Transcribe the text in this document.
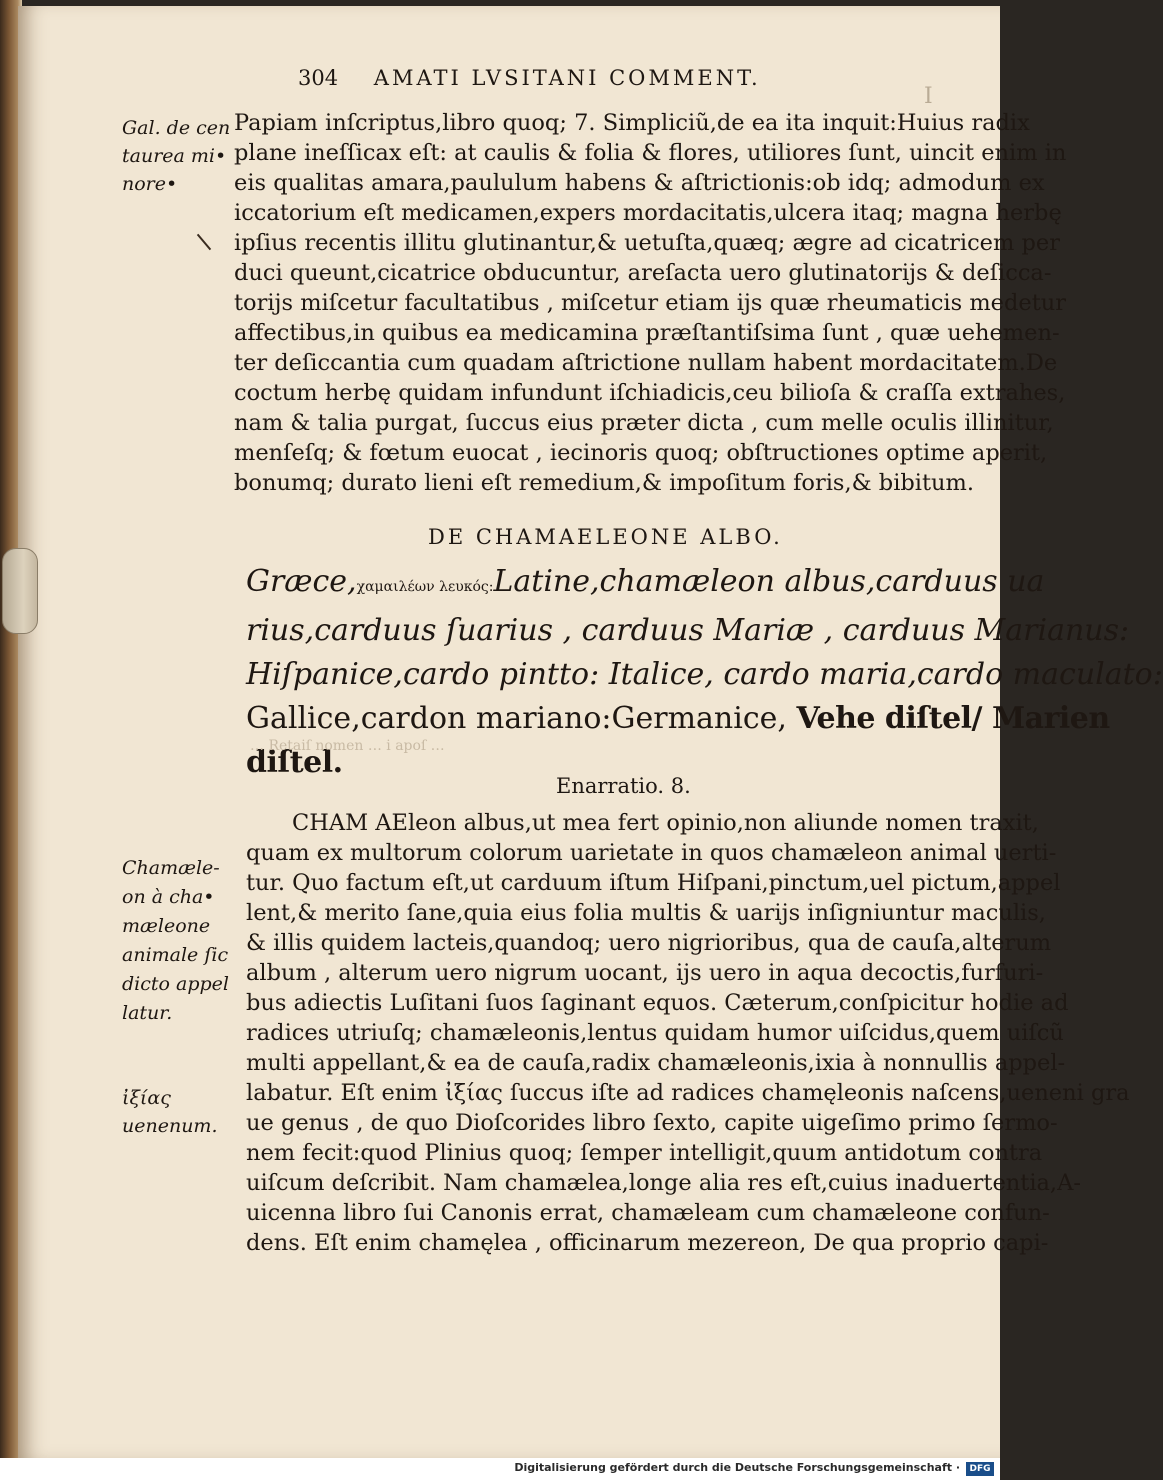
304 AMATI LVSITANI COMMENT.
I
Gal. de cen
taurea mi•
nore•
Papiam inſcriptus,libro quoq; 7. Simpliciũ,de ea ita inquit:Huius radix
plane ineſſicax eſt: at caulis & folia & flores, utiliores ſunt, uincit enim in
eis qualitas amara,paululum habens & aſtrictionis:ob idq; admodum ex
iccatorium eſt medicamen,expers mordacitatis,ulcera itaq; magna herbę
ipſius recentis illitu glutinantur,& uetuſta,quæq; ægre ad cicatricem per
duci queunt,cicatrice obducuntur, areſacta uero glutinatorijs & deſicca-
torijs miſcetur facultatibus , miſcetur etiam ijs quæ rheumaticis medetur
affectibus,in quibus ea medicamina præſtantiſsima ſunt , quæ uehemen-
ter deſiccantia cum quadam aſtrictione nullam habent mordacitatem.De
coctum herbę quidam infundunt iſchiadicis,ceu bilioſa & craſſa extrahes,
nam & talia purgat, ſuccus eius præter dicta , cum melle oculis illinitur,
menſeſq; & fœtum euocat , iecinoris quoq; obſtructiones optime aperit,
bonumq; durato lieni eſt remedium,& impoſitum foris,& bibitum.
DE CHAMAELEONE ALBO.
Græce,χαμαιλέων λευκός:Latine,chamæleon albus,carduus ua
rius,carduus ſuarius , carduus Mariæ , carduus Marianus:
Hiſpanice,cardo pintto: Italice, cardo maria,cardo maculato:
Gallice,cardon mariano:Germanice, Vehe diſtel/ Marien
diſtel.
… Retaiſ nomen … i apoſ …
Enarratio. 8.
Chamæle-
on à cha•
mæleone
animale ſic
dicto appel
latur.
ἰξίας
uenenum.
CHAM AEleon albus,ut mea fert opinio,non aliunde nomen traxit,
quam ex multorum colorum uarietate in quos chamæleon animal uerti-
tur. Quo factum eſt,ut carduum iſtum Hiſpani,pinctum,uel pictum,appel
lent,& merito ſane,quia eius folia multis & uarijs inſigniuntur maculis,
& illis quidem lacteis,quandoq; uero nigrioribus, qua de cauſa,alterum
album , alterum uero nigrum uocant, ijs uero in aqua decoctis,furfuri-
bus adiectis Luſitani ſuos ſaginant equos. Cæterum,conſpicitur hodie ad
radices utriuſq; chamæleonis,lentus quidam humor uiſcidus,quem uiſcũ
multi appellant,& ea de cauſa,radix chamæleonis,ixia à nonnullis appel-
labatur. Eſt enim ἰξίας ſuccus iſte ad radices chamęleonis naſcens,ueneni gra
ue genus , de quo Dioſcorides libro ſexto, capite uigeſimo primo ſermo-
nem fecit:quod Plinius quoq; ſemper intelligit,quum antidotum contra
uiſcum deſcribit. Nam chamælea,longe alia res eſt,cuius inaduertentia,A-
uicenna libro ſui Canonis errat, chamæleam cum chamæleone confun-
dens. Eſt enim chamęlea , officinarum mezereon, De qua proprio capi-
Digitalisierung gefördert durch die Deutsche Forschungsgemeinschaft ·	DFG
